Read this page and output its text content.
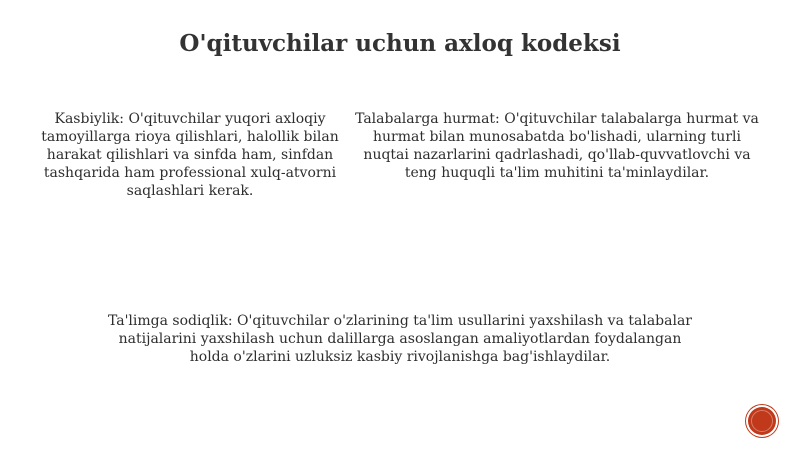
O'qituvchilar uchun axloq kodeksi
Kasbiylik: O'qituvchilar yuqori axloqiy tamoyillarga rioya qilishlari, halollik bilan harakat qilishlari va sinfda ham, sinfdan tashqarida ham professional xulq-atvorni saqlashlari kerak.
Talabalarga hurmat: O'qituvchilar talabalarga hurmat va hurmat bilan munosabatda bo'lishadi, ularning turli nuqtai nazarlarini qadrlashadi, qo'llab-quvvatlovchi va teng huquqli ta'lim muhitini ta'minlaydilar.
Ta'limga sodiqlik: O'qituvchilar o'zlarining ta'lim usullarini yaxshilash va talabalar natijalarini yaxshilash uchun dalillarga asoslangan amaliyotlardan foydalangan holda o'zlarini uzluksiz kasbiy rivojlanishga bag'ishlaydilar.
